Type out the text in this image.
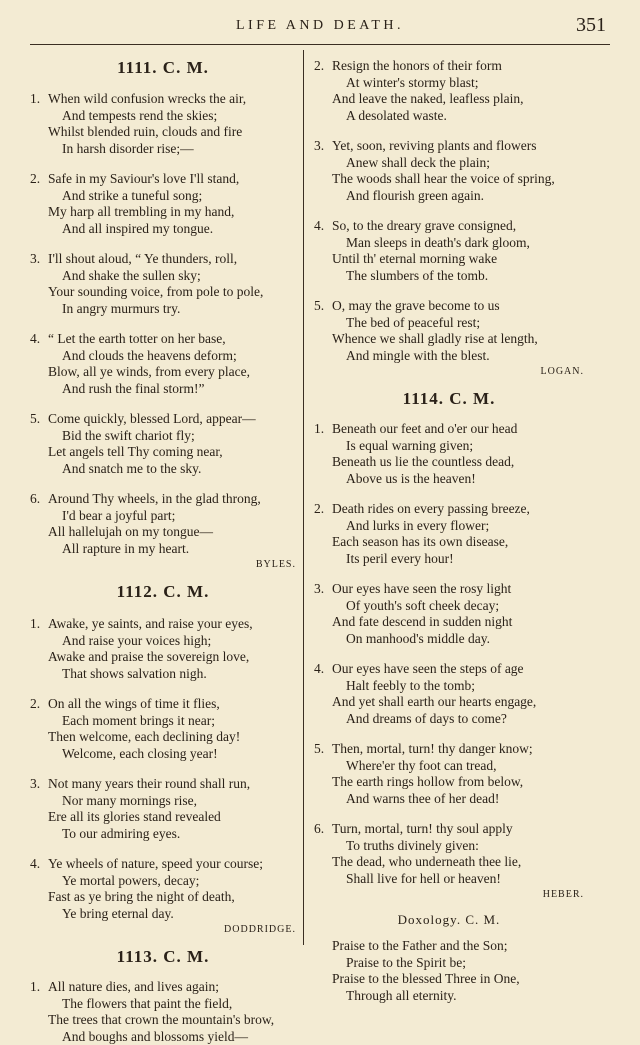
LIFE AND DEATH.	351
1111. C. M.
1. When wild confusion wrecks the air,
And tempests rend the skies;
Whilst blended ruin, clouds and fire
In harsh disorder rise;—
2. Safe in my Saviour's love I'll stand,
And strike a tuneful song;
My harp all trembling in my hand,
And all inspired my tongue.
3. I'll shout aloud, “ Ye thunders, roll,
And shake the sullen sky;
Your sounding voice, from pole to pole,
In angry murmurs try.
4. “ Let the earth totter on her base,
And clouds the heavens deform;
Blow, all ye winds, from every place,
And rush the final storm!”
5. Come quickly, blessed Lord, appear—
Bid the swift chariot fly;
Let angels tell Thy coming near,
And snatch me to the sky.
6. Around Thy wheels, in the glad throng,
I'd bear a joyful part;
All hallelujah on my tongue—
All rapture in my heart.
BYLES.
1112. C. M.
1. Awake, ye saints, and raise your eyes,
And raise your voices high;
Awake and praise the sovereign love,
That shows salvation nigh.
2. On all the wings of time it flies,
Each moment brings it near;
Then welcome, each declining day!
Welcome, each closing year!
3. Not many years their round shall run,
Nor many mornings rise,
Ere all its glories stand revealed
To our admiring eyes.
4. Ye wheels of nature, speed your course;
Ye mortal powers, decay;
Fast as ye bring the night of death,
Ye bring eternal day.
DODDRIDGE.
1113. C. M.
1. All nature dies, and lives again;
The flowers that paint the field,
The trees that crown the mountain's brow,
And boughs and blossoms yield—
2. Resign the honors of their form
At winter's stormy blast;
And leave the naked, leafless plain,
A desolated waste.
3. Yet, soon, reviving plants and flowers
Anew shall deck the plain;
The woods shall hear the voice of spring,
And flourish green again.
4. So, to the dreary grave consigned,
Man sleeps in death's dark gloom,
Until th' eternal morning wake
The slumbers of the tomb.
5. O, may the grave become to us
The bed of peaceful rest;
Whence we shall gladly rise at length,
And mingle with the blest.
LOGAN.
1114. C. M.
1. Beneath our feet and o'er our head
Is equal warning given;
Beneath us lie the countless dead,
Above us is the heaven!
2. Death rides on every passing breeze,
And lurks in every flower;
Each season has its own disease,
Its peril every hour!
3. Our eyes have seen the rosy light
Of youth's soft cheek decay;
And fate descend in sudden night
On manhood's middle day.
4. Our eyes have seen the steps of age
Halt feebly to the tomb;
And yet shall earth our hearts engage,
And dreams of days to come?
5. Then, mortal, turn! thy danger know;
Where'er thy foot can tread,
The earth rings hollow from below,
And warns thee of her dead!
6. Turn, mortal, turn! thy soul apply
To truths divinely given:
The dead, who underneath thee lie,
Shall live for hell or heaven!
HEBER.
Doxology. C. M.
Praise to the Father and the Son;
Praise to the Spirit be;
Praise to the blessed Three in One,
Through all eternity.
